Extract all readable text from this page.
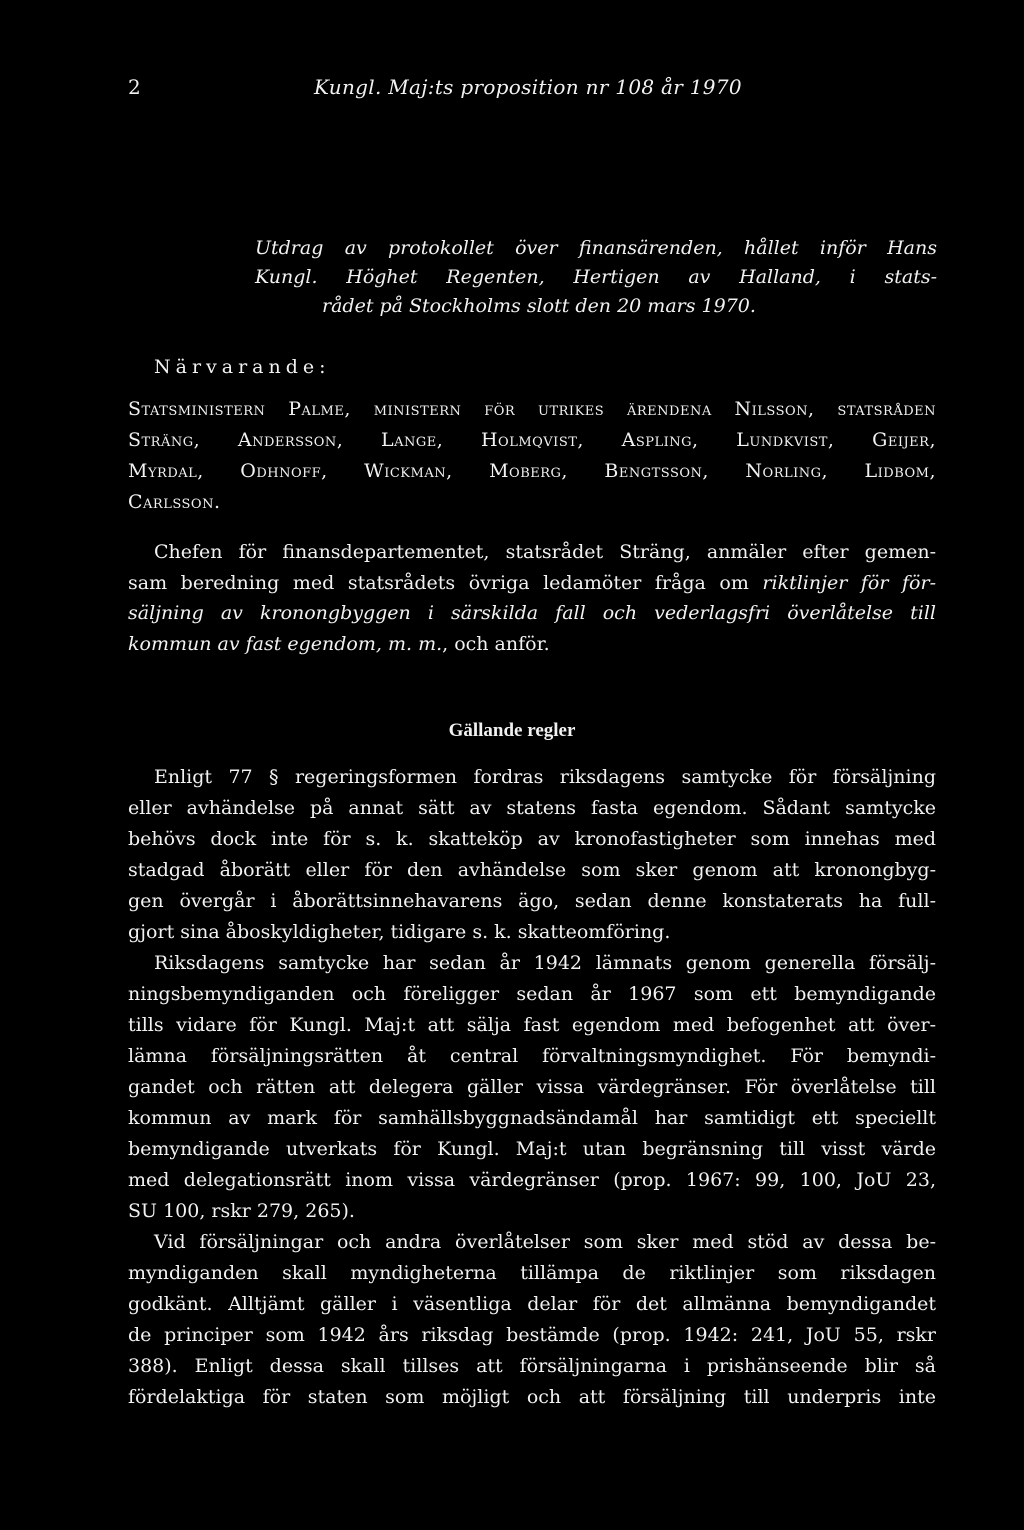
2	Kungl. Maj:ts proposition nr 108 år 1970
Utdrag av protokollet över finansärenden, hållet inför Hans
Kungl. Höghet Regenten, Hertigen av Halland, i stats-
rådet på Stockholms slott den 20 mars 1970.
Närvarande:
Statsministern Palme, ministern för utrikes ärendena Nilsson, statsråden
Sträng, Andersson, Lange, Holmqvist, Aspling, Lundkvist, Geijer,
Myrdal, Odhnoff, Wickman, Moberg, Bengtsson, Norling, Lidbom,
Carlsson.
Chefen för finansdepartementet, statsrådet Sträng, anmäler efter gemen-
sam beredning med statsrådets övriga ledamöter fråga om riktlinjer för för-
säljning av kronongbyggen i särskilda fall och vederlagsfri överlåtelse till
kommun av fast egendom, m. m., och anför.
Gällande regler
Enligt 77 § regeringsformen fordras riksdagens samtycke för försäljning
eller avhändelse på annat sätt av statens fasta egendom. Sådant samtycke
behövs dock inte för s. k. skatteköp av kronofastigheter som innehas med
stadgad åborätt eller för den avhändelse som sker genom att kronongbyg-
gen övergår i åborättsinnehavarens ägo, sedan denne konstaterats ha full-
gjort sina åboskyldigheter, tidigare s. k. skatteomföring.
Riksdagens samtycke har sedan år 1942 lämnats genom generella försälj-
ningsbemyndiganden och föreligger sedan år 1967 som ett bemyndigande
tills vidare för Kungl. Maj:t att sälja fast egendom med befogenhet att över-
lämna försäljningsrätten åt central förvaltningsmyndighet. För bemyndi-
gandet och rätten att delegera gäller vissa värdegränser. För överlåtelse till
kommun av mark för samhällsbyggnadsändamål har samtidigt ett speciellt
bemyndigande utverkats för Kungl. Maj:t utan begränsning till visst värde
med delegationsrätt inom vissa värdegränser (prop. 1967: 99, 100, JoU 23,
SU 100, rskr 279, 265).
Vid försäljningar och andra överlåtelser som sker med stöd av dessa be-
myndiganden skall myndigheterna tillämpa de riktlinjer som riksdagen
godkänt. Alltjämt gäller i väsentliga delar för det allmänna bemyndigandet
de principer som 1942 års riksdag bestämde (prop. 1942: 241, JoU 55, rskr
388). Enligt dessa skall tillses att försäljningarna i prishänseende blir så
fördelaktiga för staten som möjligt och att försäljning till underpris inte
